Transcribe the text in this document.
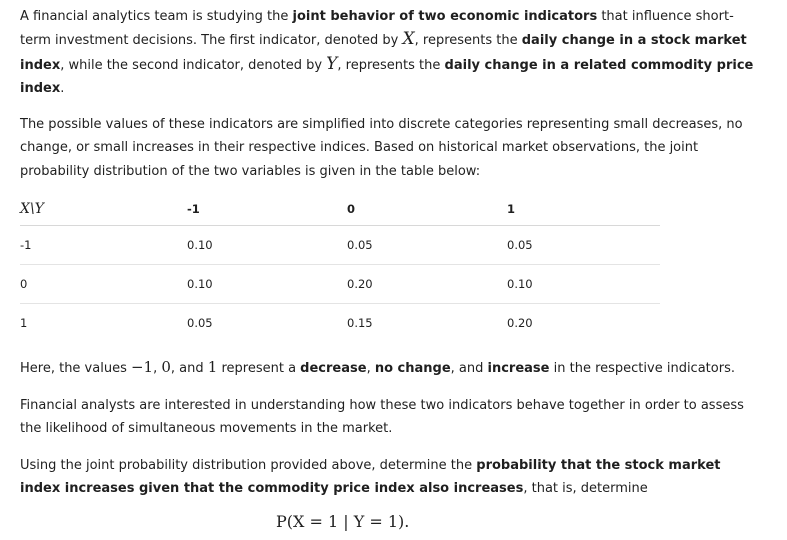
A financial analytics team is studying the joint behavior of two economic indicators that influence short-term investment decisions. The first indicator, denoted by X, represents the daily change in a stock market index, while the second indicator, denoted by Y, represents the daily change in a related commodity price index.

The possible values of these indicators are simplified into discrete categories representing small decreases, no change, or small increases in their respective indices. Based on historical market observations, the joint probability distribution of the two variables is given in the table below:

X\Y	-1	0	1
-1	0.10	0.05	0.05
0	0.10	0.20	0.10
1	0.05	0.15	0.20

Here, the values −1, 0, and 1 represent a decrease, no change, and increase in the respective indicators.

Financial analysts are interested in understanding how these two indicators behave together in order to assess the likelihood of simultaneous movements in the market.

Using the joint probability distribution provided above, determine the probability that the stock market index increases given that the commodity price index also increases, that is, determine

P(X = 1 | Y = 1).
